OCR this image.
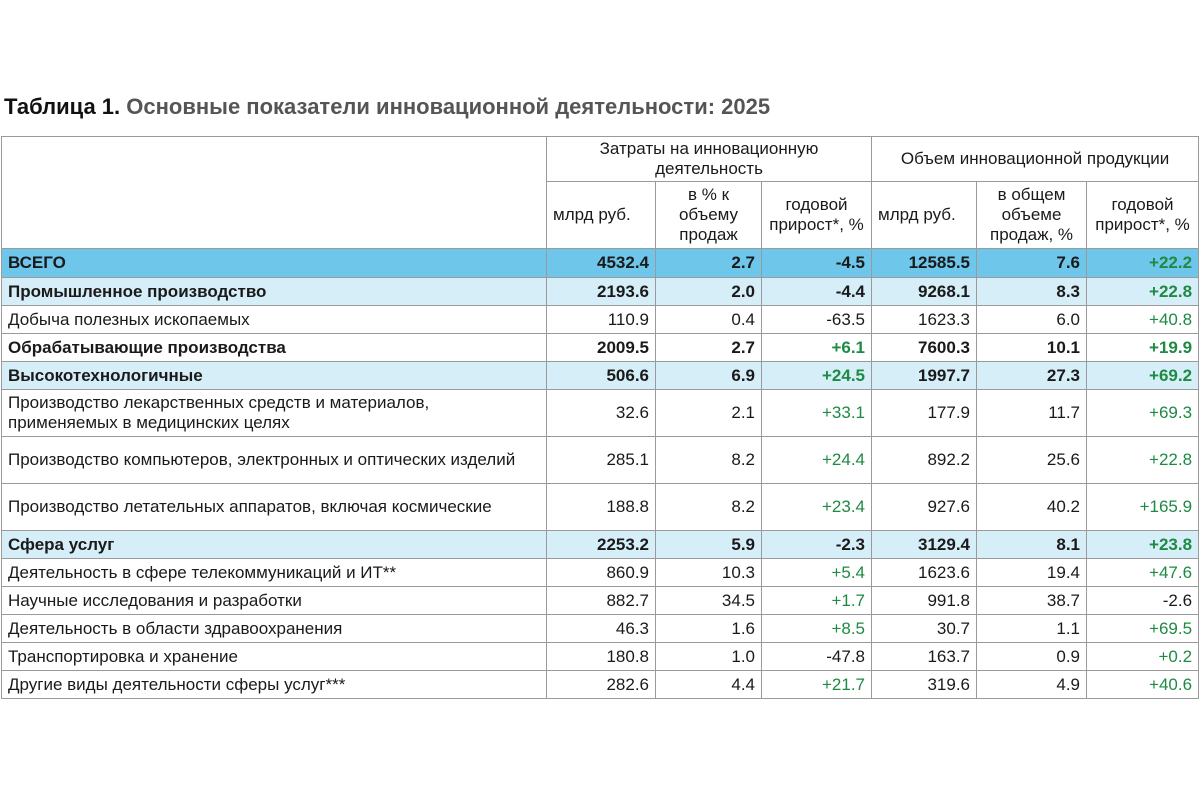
Таблица 1. Основные показатели инновационной деятельности: 2025
	Затраты на инновационную деятельность			Объем инновационной продукции		
	млрд руб.	в % к объему продаж	годовой прирост*, %	млрд руб.	в общем объеме продаж, %	годовой прирост*, %
ВСЕГО	4532.4	2.7	-4.5	12585.5	7.6	+22.2
Промышленное производство	2193.6	2.0	-4.4	9268.1	8.3	+22.8
Добыча полезных ископаемых	110.9	0.4	-63.5	1623.3	6.0	+40.8
Обрабатывающие производства	2009.5	2.7	+6.1	7600.3	10.1	+19.9
Высокотехнологичные	506.6	6.9	+24.5	1997.7	27.3	+69.2
Производство лекарственных средств и материалов, применяемых в медицинских целях	32.6	2.1	+33.1	177.9	11.7	+69.3
Производство компьютеров, электронных и оптических изделий	285.1	8.2	+24.4	892.2	25.6	+22.8
Производство летательных аппаратов, включая космические	188.8	8.2	+23.4	927.6	40.2	+165.9
Сфера услуг	2253.2	5.9	-2.3	3129.4	8.1	+23.8
Деятельность в сфере телекоммуникаций и ИТ**	860.9	10.3	+5.4	1623.6	19.4	+47.6
Научные исследования и разработки	882.7	34.5	+1.7	991.8	38.7	-2.6
Деятельность в области здравоохранения	46.3	1.6	+8.5	30.7	1.1	+69.5
Транспортировка и хранение	180.8	1.0	-47.8	163.7	0.9	+0.2
Другие виды деятельности сферы услуг***	282.6	4.4	+21.7	319.6	4.9	+40.6
